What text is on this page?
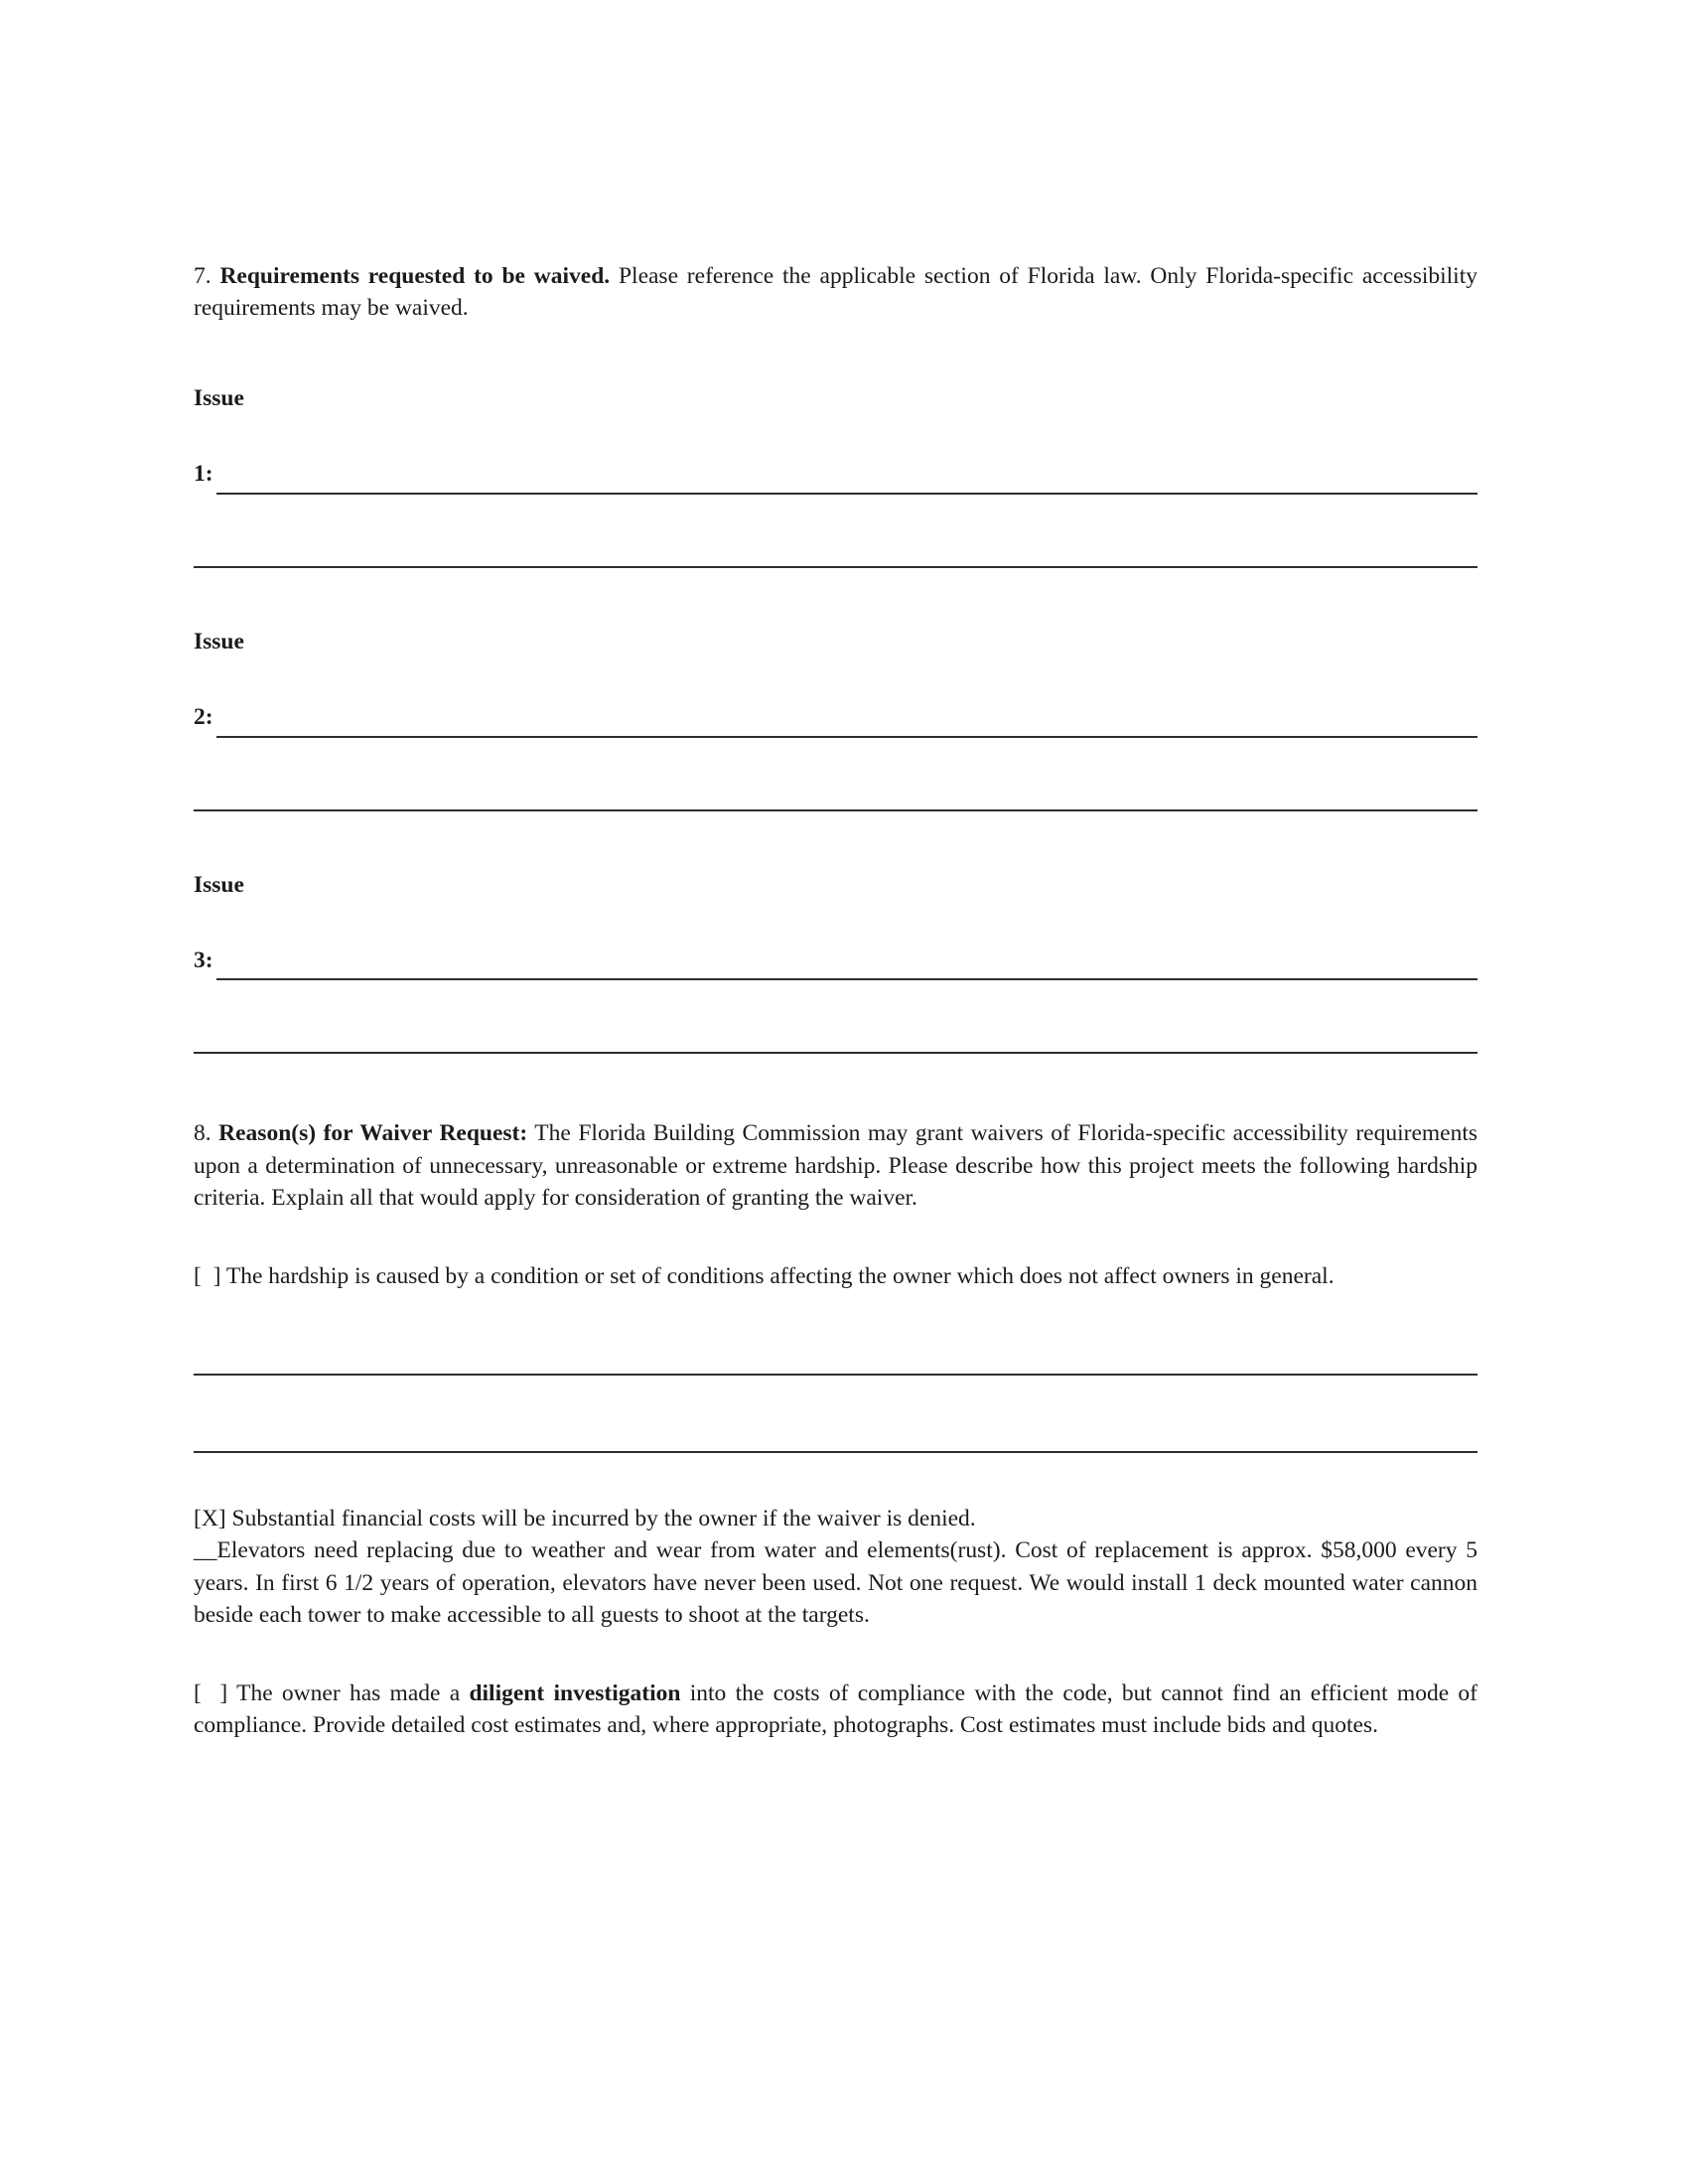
7. Requirements requested to be waived. Please reference the applicable section of Florida law. Only Florida-specific accessibility requirements may be waived.

Issue
1:
Issue
2:
Issue
3:

8. Reason(s) for Waiver Request: The Florida Building Commission may grant waivers of Florida-specific accessibility requirements upon a determination of unnecessary, unreasonable or extreme hardship. Please describe how this project meets the following hardship criteria. Explain all that would apply for consideration of granting the waiver.

[  ] The hardship is caused by a condition or set of conditions affecting the owner which does not affect owners in general.

[X] Substantial financial costs will be incurred by the owner if the waiver is denied.

__Elevators need replacing due to weather and wear from water and elements(rust). Cost of replacement is approx. $58,000 every 5 years. In first 6 1/2 years of operation, elevators have never been used. Not one request. We would install 1 deck mounted water cannon beside each tower to make accessible to all guests to shoot at the targets.

[  ] The owner has made a diligent investigation into the costs of compliance with the code, but cannot find an efficient mode of compliance. Provide detailed cost estimates and, where appropriate, photographs. Cost estimates must include bids and quotes.
